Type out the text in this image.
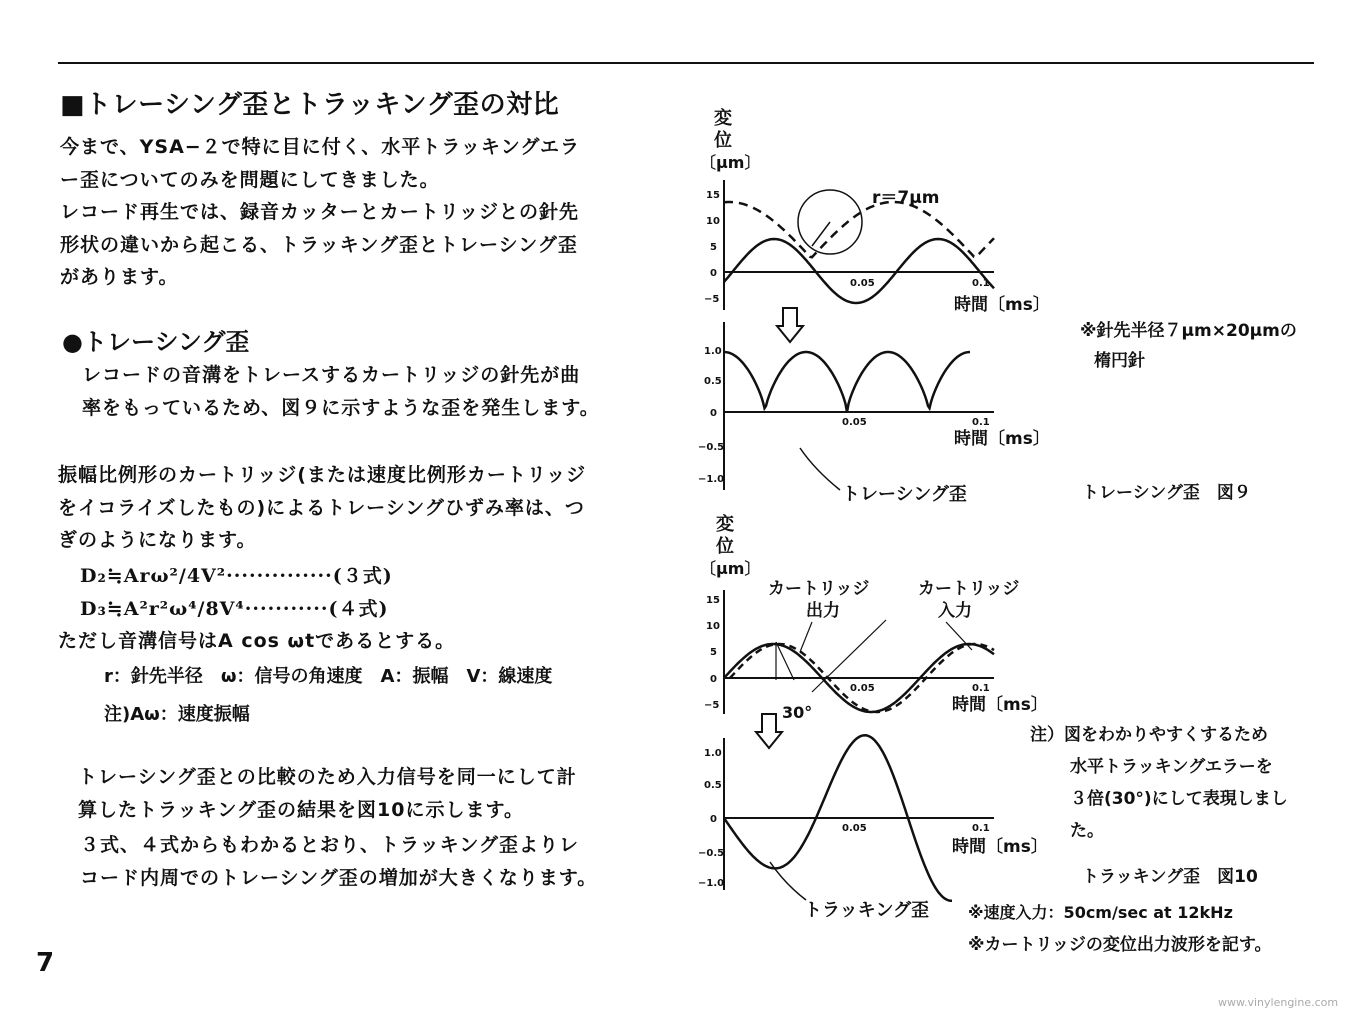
■トレーシング歪とトラッキング歪の対比
今まで、YSA−２で特に目に付く、水平トラッキングエラ
ー歪についてのみを問題にしてきました。
レコード再生では、録音カッターとカートリッジとの針先
形状の違いから起こる、トラッキング歪とトレーシング歪
があります。
●トレーシング歪
レコードの音溝をトレースするカートリッジの針先が曲
率をもっているため、図９に示すような歪を発生します。
振幅比例形のカートリッジ(または速度比例形カートリッジ
をイコライズしたもの)によるトレーシングひずみ率は、つ
ぎのようになります。
D₂≒Arω²/4V²··············(３式)
D₃≒A²r²ω⁴/8V⁴···········(４式)
ただし音溝信号はA cos ωtであるとする。
r：針先半径　ω：信号の角速度　A：振幅　V：線速度
注)Aω：速度振幅
トレーシング歪との比較のため入力信号を同一にして計
算したトラッキング歪の結果を図10に示します。
３式、４式からもわかるとおり、トラッキング歪よりレ
コード内周でのトレーシング歪の増加が大きくなります。
7
変
位
〔μm〕
15
10
5
0
−5
0.05	0.1
r＝7μm
時間〔ms〕
1.0
0.5
0
−0.5
−1.0
0.05	0.1
時間〔ms〕
トレーシング歪	トレーシング歪　図９
※針先半径７μm×20μmの
楕円針
変
位
〔μm〕
カートリッジ
出力
カートリッジ
入力
15
10
5
0
−5
0.05	0.1
30°	時間〔ms〕
1.0
0.5
0
−0.5
−1.0
0.05	0.1
時間〔ms〕
トラッキング歪
トラッキング歪　図10
注）図をわかりやすくするため
水平トラッキングエラーを
３倍(30°)にして表現しまし
た。
※速度入力：50cm/sec at 12kHz
※カートリッジの変位出力波形を記す。
www.vinylengine.com
